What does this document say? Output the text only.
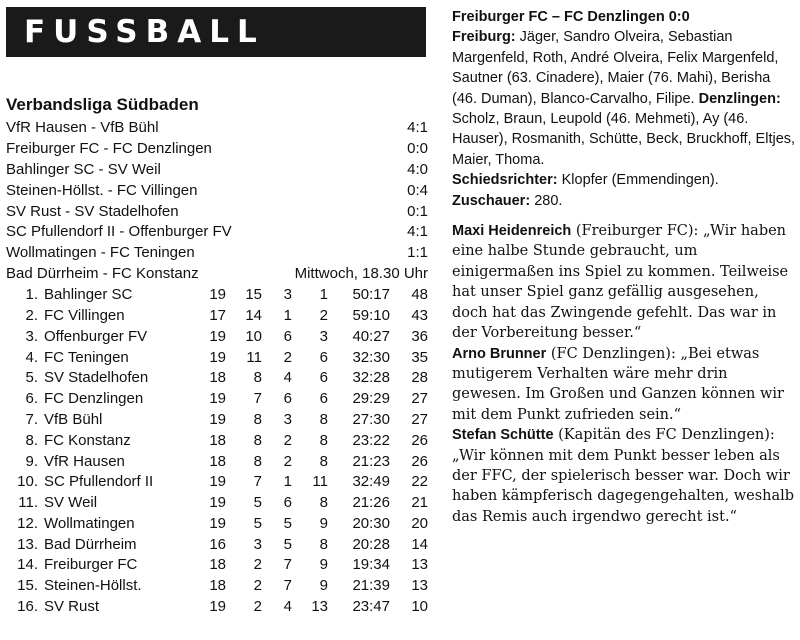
FUSSBALL
Verbandsliga Südbaden
VfR Hausen - VfB Bühl	4:1
Freiburger FC - FC Denzlingen	0:0
Bahlinger SC - SV Weil	4:0
Steinen-Höllst. - FC Villingen	0:4
SV Rust - SV Stadelhofen	0:1
SC Pfullendorf II - Offenburger FV	4:1
Wollmatingen - FC Teningen	1:1
Bad Dürrheim - FC Konstanz	Mittwoch, 18.30 Uhr
1. Bahlinger SC	19	15	3	1	50:17	48
2. FC Villingen	17	14	1	2	59:10	43
3. Offenburger FV	19	10	6	3	40:27	36
4. FC Teningen	19	11	2	6	32:30	35
5. SV Stadelhofen	18	8	4	6	32:28	28
6. FC Denzlingen	19	7	6	6	29:29	27
7. VfB Bühl	19	8	3	8	27:30	27
8. FC Konstanz	18	8	2	8	23:22	26
9. VfR Hausen	18	8	2	8	21:23	26
10. SC Pfullendorf II	19	7	1	11	32:49	22
11. SV Weil	19	5	6	8	21:26	21
12. Wollmatingen	19	5	5	9	20:30	20
13. Bad Dürrheim	16	3	5	8	20:28	14
14. Freiburger FC	18	2	7	9	19:34	13
15. Steinen-Höllst.	18	2	7	9	21:39	13
16. SV Rust	19	2	4	13	23:47	10
Freiburger FC – FC Denzlingen 0:0
Freiburg: Jäger, Sandro Olveira, Sebastian Margenfeld, Roth, André Olveira, Felix Margenfeld, Sautner (63. Cinadere), Maier (76. Mahi), Berisha (46. Duman), Blanco-Carvalho, Filipe. Denzlingen: Scholz, Braun, Leupold (46. Mehmeti), Ay (46. Hauser), Rosmanith, Schütte, Beck, Bruckhoff, Eltjes, Maier, Thoma.
Schiedsrichter: Klopfer (Emmendingen).
Zuschauer: 280.
Maxi Heidenreich (Freiburger FC): „Wir haben eine halbe Stunde gebraucht, um einigermaßen ins Spiel zu kommen. Teilweise hat unser Spiel ganz gefällig ausgesehen, doch hat das Zwingende gefehlt. Das war in der Vorbereitung besser.“
Arno Brunner (FC Denzlingen): „Bei etwas mutigerem Verhalten wäre mehr drin gewesen. Im Großen und Ganzen können wir mit dem Punkt zufrieden sein.“
Stefan Schütte (Kapitän des FC Denzlingen): „Wir können mit dem Punkt besser leben als der FFC, der spielerisch besser war. Doch wir haben kämpferisch dagegengehalten, weshalb das Remis auch irgendwo gerecht ist.“
